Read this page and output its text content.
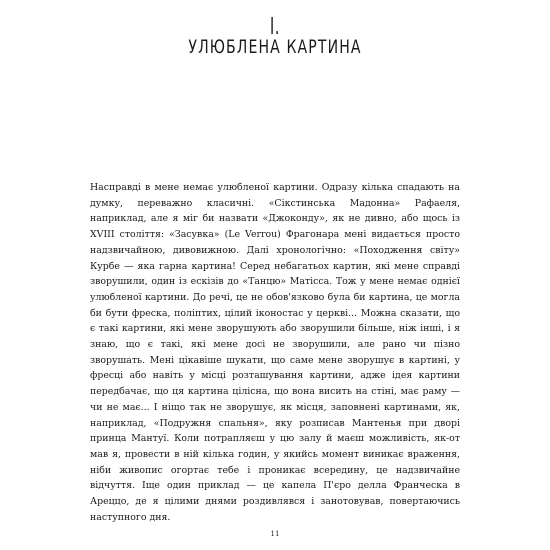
I.
УЛЮБЛЕНА КАРТИНА

Насправді в мене немає улюбленої картини. Одразу кілька спадають на думку, переважно класичні. «Сікстинська Мадонна» Рафаеля, наприклад, але я міг би назвати «Джоконду», як не дивно, або щось із XVIII століття: «Засувка» (Le Verrou) Фрагонара мені видається просто надзвичайною, дивовижною. Далі хронологічно: «Походження світу» Курбе — яка гарна картина! Серед небагатьох картин, які мене справді зворушили, один із ескізів до «Танцю» Матісса. Тож у мене немає однієї улюбленої картини. До речі, це не обов'язково була би картина, це могла би бути фреска, поліптих, цілий іконостас у церкві... Можна сказати, що є такі картини, які мене зворушують або зворушили більше, ніж інші, і я знаю, що є такі, які мене досі не зворушили, але рано чи пізно зворушать. Мені цікавіше шукати, що саме мене зворушує в картині, у фресці або навіть у місці розташування картини, адже ідея картини передбачає, що ця картина цілісна, що вона висить на стіні, має раму — чи не має... І ніщо так не зворушує, як місця, заповнені картинами, як, наприклад, «Подружня спальня», яку розписав Мантенья при дворі принца Мантуї. Коли потрапляєш у цю залу й маєш можливість, як-от мав я, провести в ній кілька годин, у якийсь момент виникає враження, ніби живопис огортає тебе і проникає всередину, це надзвичайне відчуття. Іще один приклад — це капела П'єро делла Франческа в Ареццо, де я цілими днями роздивлявся і занотовував, повертаючись наступного дня.

11
